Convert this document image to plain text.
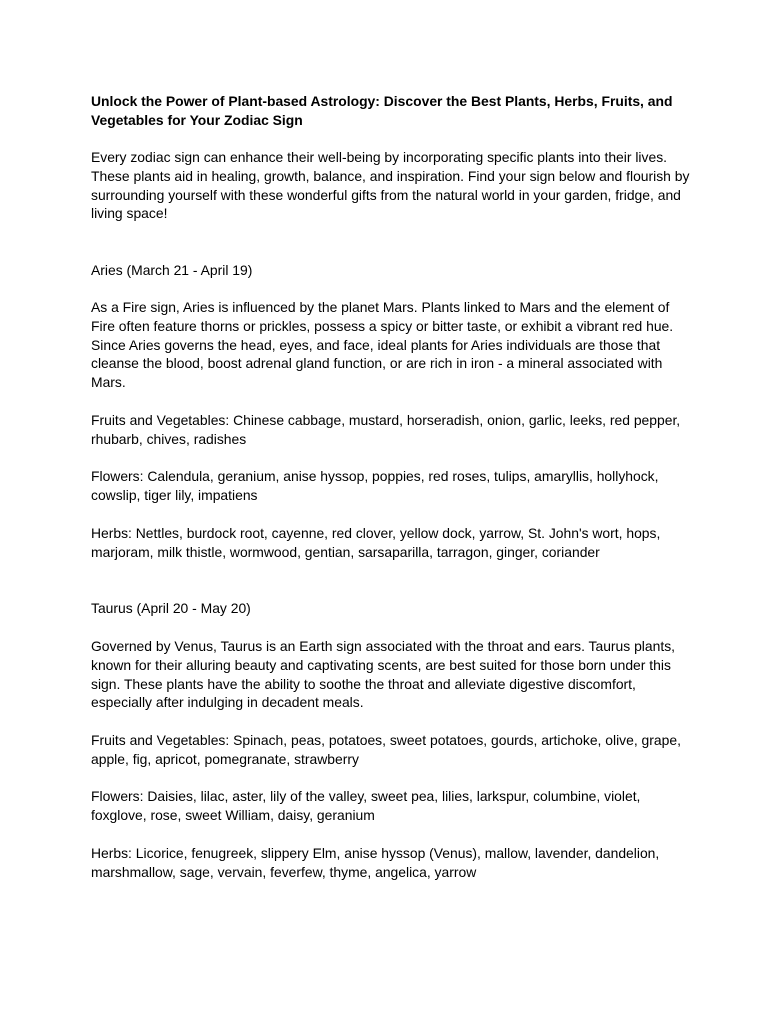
Unlock the Power of Plant-based Astrology: Discover the Best Plants, Herbs, Fruits, and Vegetables for Your Zodiac Sign

Every zodiac sign can enhance their well-being by incorporating specific plants into their lives. These plants aid in healing, growth, balance, and inspiration. Find your sign below and flourish by surrounding yourself with these wonderful gifts from the natural world in your garden, fridge, and living space!

Aries (March 21 - April 19)

As a Fire sign, Aries is influenced by the planet Mars. Plants linked to Mars and the element of Fire often feature thorns or prickles, possess a spicy or bitter taste, or exhibit a vibrant red hue. Since Aries governs the head, eyes, and face, ideal plants for Aries individuals are those that cleanse the blood, boost adrenal gland function, or are rich in iron - a mineral associated with Mars.

Fruits and Vegetables: Chinese cabbage, mustard, horseradish, onion, garlic, leeks, red pepper, rhubarb, chives, radishes

Flowers: Calendula, geranium, anise hyssop, poppies, red roses, tulips, amaryllis, hollyhock, cowslip, tiger lily, impatiens

Herbs: Nettles, burdock root, cayenne, red clover, yellow dock, yarrow, St. John's wort, hops, marjoram, milk thistle, wormwood, gentian, sarsaparilla, tarragon, ginger, coriander

Taurus (April 20 - May 20)

Governed by Venus, Taurus is an Earth sign associated with the throat and ears. Taurus plants, known for their alluring beauty and captivating scents, are best suited for those born under this sign. These plants have the ability to soothe the throat and alleviate digestive discomfort, especially after indulging in decadent meals.

Fruits and Vegetables: Spinach, peas, potatoes, sweet potatoes, gourds, artichoke, olive, grape, apple, fig, apricot, pomegranate, strawberry

Flowers: Daisies, lilac, aster, lily of the valley, sweet pea, lilies, larkspur, columbine, violet, foxglove, rose, sweet William, daisy, geranium

Herbs: Licorice, fenugreek, slippery Elm, anise hyssop (Venus), mallow, lavender, dandelion, marshmallow, sage, vervain, feverfew, thyme, angelica, yarrow
